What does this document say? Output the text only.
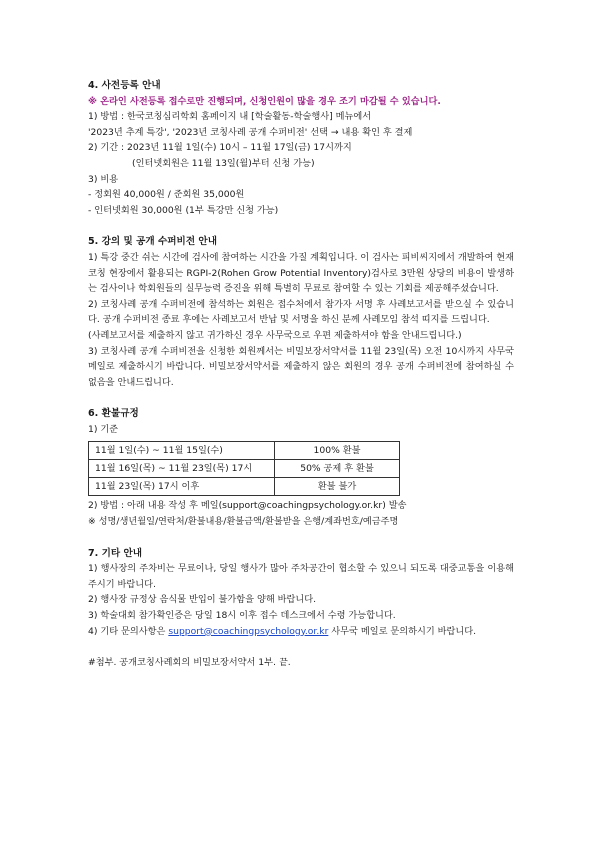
4. 사전등록 안내

※ 온라인 사전등록 접수로만 진행되며, 신청인원이 많을 경우 조기 마감될 수 있습니다.

1) 방법 : 한국코칭심리학회 홈페이지 내 [학술활동-학술행사] 메뉴에서

'2023년 추계 특강', '2023년 코칭사례 공개 수퍼비전' 선택 → 내용 확인 후 결제

2) 기간 : 2023년 11월 1일(수) 10시 – 11월 17일(금) 17시까지

(인터넷회원은 11월 13일(월)부터 신청 가능)

3) 비용

- 정회원 40,000원 / 준회원 35,000원

- 인터넷회원 30,000원 (1부 특강만 신청 가능)

5. 강의 및 공개 수퍼비전 안내

1) 특강 중간 쉬는 시간에 검사에 참여하는 시간을 가질 계획입니다. 이 검사는 피비씨지에서 개발하여 현재 코칭 현장에서 활용되는 RGPI-2(Rohen Grow Potential Inventory)검사로 3만원 상당의 비용이 발생하는 검사이나 학회원들의 실무능력 증진을 위해 특별히 무료로 참여할 수 있는 기회를 제공해주셨습니다.

2) 코칭사례 공개 수퍼비전에 참석하는 회원은 접수처에서 참가자 서명 후 사례보고서를 받으실 수 있습니다. 공개 수퍼비전 종료 후에는 사례보고서 반납 및 서명을 하신 분께 사례모임 참석 띠지를 드립니다.

(사례보고서를 제출하지 않고 귀가하신 경우 사무국으로 우편 제출하셔야 함을 안내드립니다.)

3) 코칭사례 공개 수퍼비전을 신청한 회원께서는 비밀보장서약서를 11월 23일(목) 오전 10시까지 사무국 메일로 제출하시기 바랍니다. 비밀보장서약서를 제출하지 않은 회원의 경우 공개 수퍼비전에 참여하실 수 없음을 안내드립니다.

6. 환불규정

1) 기준

11월 1일(수) ~ 11월 15일(수)	100% 환불
11월 16일(목) ~ 11월 23일(목) 17시	50% 공제 후 환불
11월 23일(목) 17시 이후	환불 불가

2) 방법 : 아래 내용 작성 후 메일(support@coachingpsychology.or.kr) 발송

※ 성명/생년월일/연락처/환불내용/환불금액/환불받을 은행/계좌번호/예금주명

7. 기타 안내

1) 행사장의 주차비는 무료이나, 당일 행사가 많아 주차공간이 협소할 수 있으니 되도록 대중교통을 이용해주시기 바랍니다.

2) 행사장 규정상 음식물 반입이 불가함을 양해 바랍니다.

3) 학술대회 참가확인증은 당일 18시 이후 접수 데스크에서 수령 가능합니다.

4) 기타 문의사항은 support@coachingpsychology.or.kr 사무국 메일로 문의하시기 바랍니다.

#첨부. 공개코칭사례회의 비밀보장서약서 1부. 끝.
